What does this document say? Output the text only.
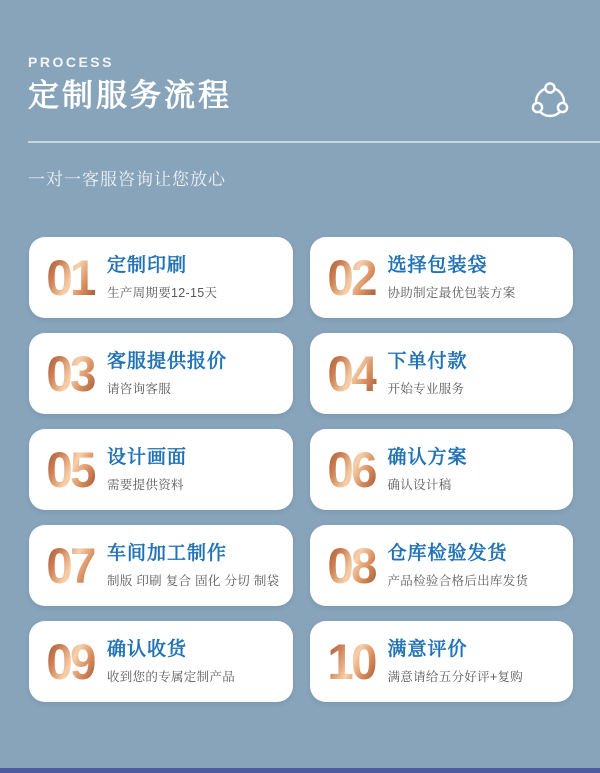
PROCESS
定制服务流程
一对一客服咨询让您放心
01 定制印刷
生产周期要12-15天	02 选择包装袋
协助制定最优包装方案
03 客服提供报价
请咨询客服	04 下单付款
开始专业服务
05 设计画面
需要提供资料	06 确认方案
确认设计稿
07 车间加工制作
制版 印刷 复合 固化 分切 制袋 08 仓库检验发货
产品检验合格后出库发货
09 确认收货
收到您的专属定制产品	10 满意评价
满意请给五分好评+复购
